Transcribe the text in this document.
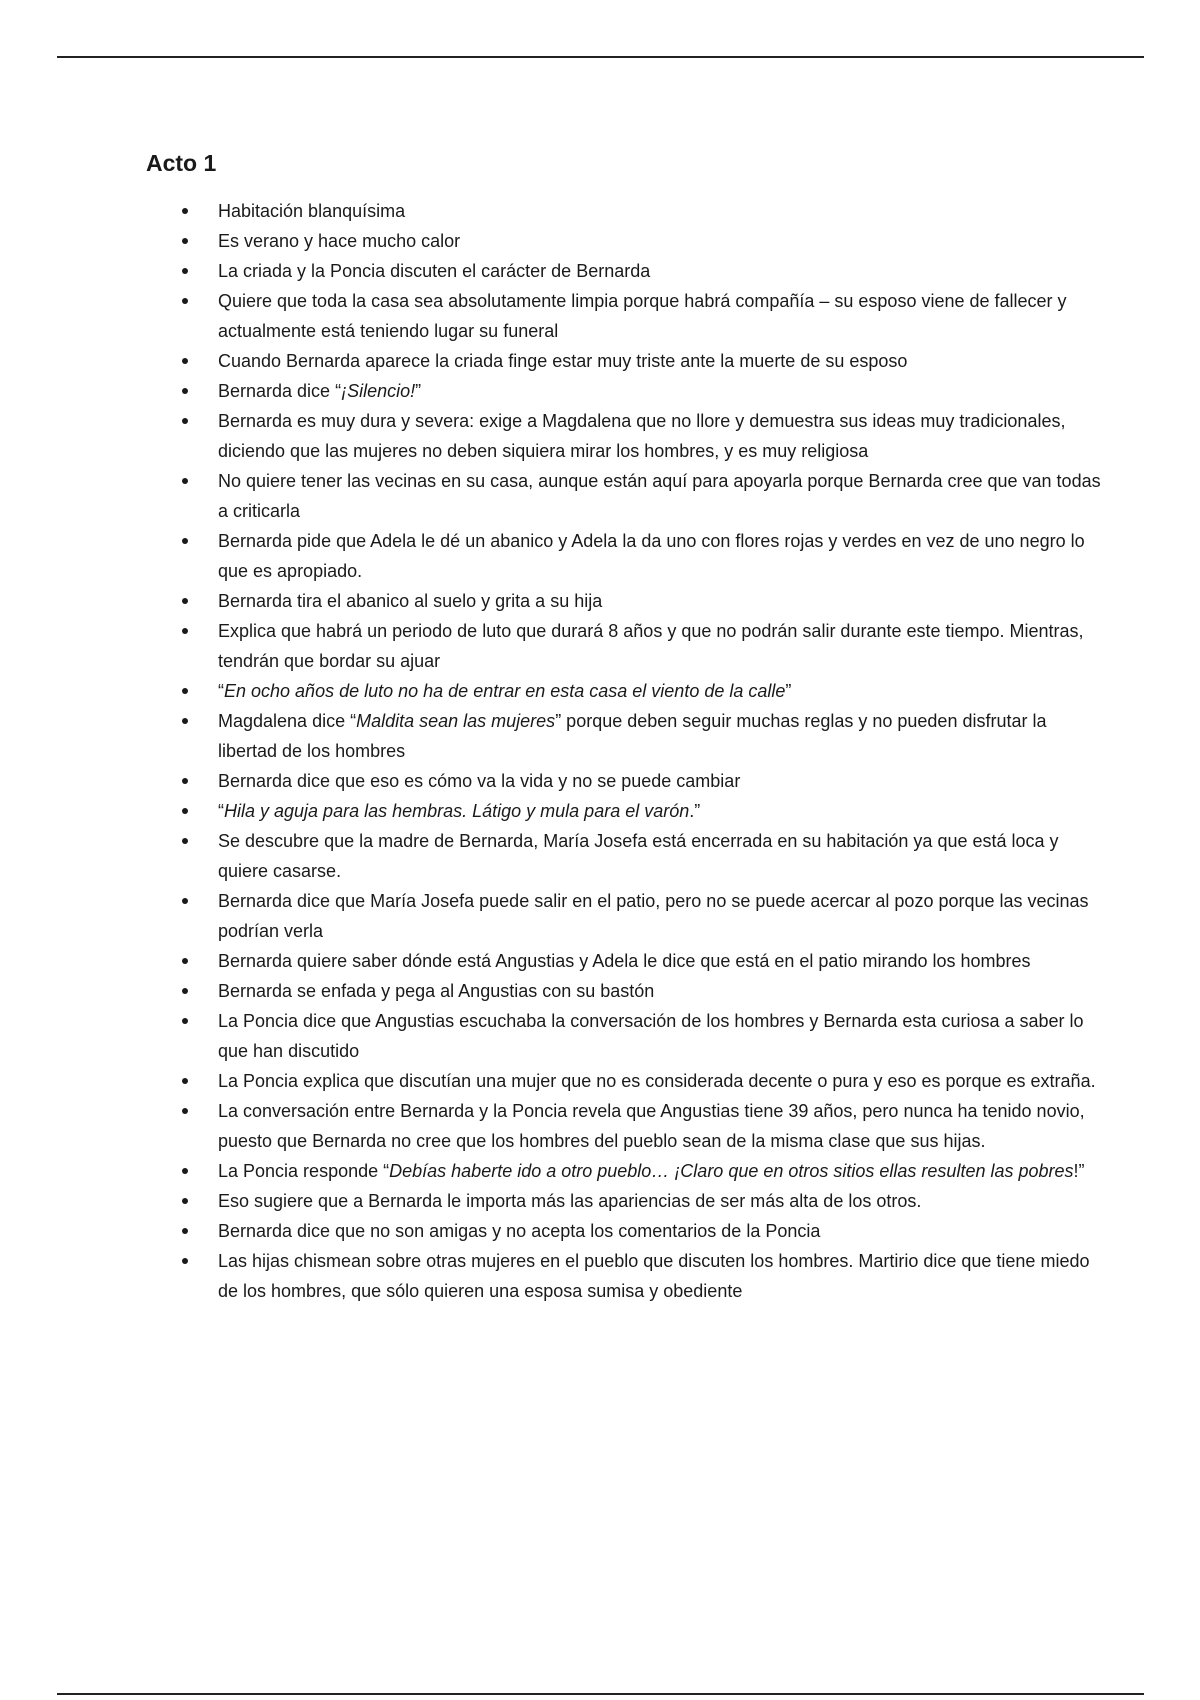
Acto 1
Habitación blanquísima
Es verano y hace mucho calor
La criada y la Poncia discuten el carácter de Bernarda
Quiere que toda la casa sea absolutamente limpia porque habrá compañía – su esposo viene de fallecer y actualmente está teniendo lugar su funeral
Cuando Bernarda aparece la criada finge estar muy triste ante la muerte de su esposo
Bernarda dice “¡Silencio!”
Bernarda es muy dura y severa: exige a Magdalena que no llore y demuestra sus ideas muy tradicionales, diciendo que las mujeres no deben siquiera mirar los hombres, y es muy religiosa
No quiere tener las vecinas en su casa, aunque están aquí para apoyarla porque Bernarda cree que van todas a criticarla
Bernarda pide que Adela le dé un abanico y Adela la da uno con flores rojas y verdes en vez de uno negro lo que es apropiado.
Bernarda tira el abanico al suelo y grita a su hija
Explica que habrá un periodo de luto que durará 8 años y que no podrán salir durante este tiempo. Mientras, tendrán que bordar su ajuar
“En ocho años de luto no ha de entrar en esta casa el viento de la calle”
Magdalena dice “Maldita sean las mujeres” porque deben seguir muchas reglas y no pueden disfrutar la libertad de los hombres
Bernarda dice que eso es cómo va la vida y no se puede cambiar
“Hila y aguja para las hembras. Látigo y mula para el varón.”
Se descubre que la madre de Bernarda, María Josefa está encerrada en su habitación ya que está loca y quiere casarse.
Bernarda dice que María Josefa puede salir en el patio, pero no se puede acercar al pozo porque las vecinas podrían verla
Bernarda quiere saber dónde está Angustias y Adela le dice que está en el patio mirando los hombres
Bernarda se enfada y pega al Angustias con su bastón
La Poncia dice que Angustias escuchaba la conversación de los hombres y Bernarda esta curiosa a saber lo que han discutido
La Poncia explica que discutían una mujer que no es considerada decente o pura y eso es porque es extraña.
La conversación entre Bernarda y la Poncia revela que Angustias tiene 39 años, pero nunca ha tenido novio, puesto que Bernarda no cree que los hombres del pueblo sean de la misma clase que sus hijas.
La Poncia responde “Debías haberte ido a otro pueblo… ¡Claro que en otros sitios ellas resulten las pobres!”
Eso sugiere que a Bernarda le importa más las apariencias de ser más alta de los otros.
Bernarda dice que no son amigas y no acepta los comentarios de la Poncia
Las hijas chismean sobre otras mujeres en el pueblo que discuten los hombres. Martirio dice que tiene miedo de los hombres, que sólo quieren una esposa sumisa y obediente
